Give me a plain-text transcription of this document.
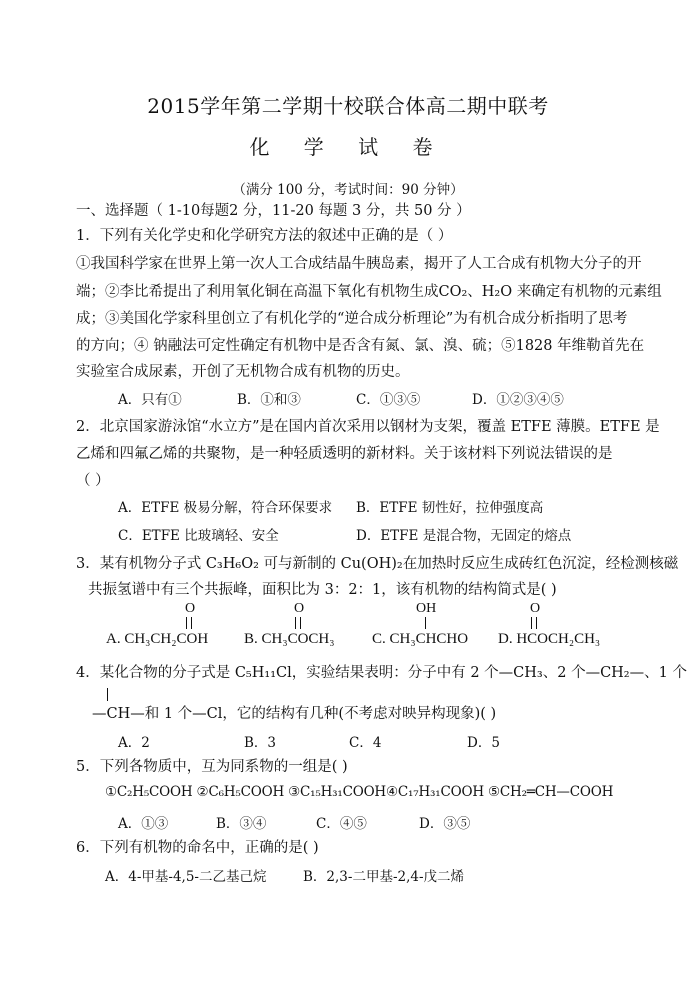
2015学年第二学期十校联合体高二期中联考
化 学 试 卷
（满分 100 分，考试时间：90 分钟）
一、选择题（ 1-10每题2 分，11-20 每题 3 分，共 50 分 ）
1．下列有关化学史和化学研究方法的叙述中正确的是（ ）
①我国科学家在世界上第一次人工合成结晶牛胰岛素，揭开了人工合成有机物大分子的开
端；②李比希提出了利用氧化铜在高温下氧化有机物生成CO₂、H₂O 来确定有机物的元素组
成；③美国化学家科里创立了有机化学的“逆合成分析理论”为有机合成分析指明了思考
的方向；④ 钠融法可定性确定有机物中是否含有氮、氯、溴、硫；⑤1828 年维勒首先在
实验室合成尿素，开创了无机物合成有机物的历史。
A．只有①	B．①和③	C．①③⑤	D．①②③④⑤
2．北京国家游泳馆“水立方”是在国内首次采用以钢材为支架，覆盖 ETFE 薄膜。ETFE 是
乙烯和四氟乙烯的共聚物，是一种轻质透明的新材料。关于该材料下列说法错误的是
（ ）
A．ETFE 极易分解，符合环保要求 B．ETFE 韧性好，拉伸强度高
C．ETFE 比玻璃轻、安全	D．ETFE 是混合物，无固定的熔点
3．某有机物分子式 C₃H₆O₂ 可与新制的 Cu(OH)₂在加热时反应生成砖红色沉淀，经检测核磁
共振氢谱中有三个共振峰，面积比为 3：2：1，该有机物的结构简式是( )
O
A. CH₃CH₂COH
O
B. CH₃COCH₃
OH
C. CH₃CHCHO
O
D. HCOCH₂CH₃
4．某化合物的分子式是 C₅H₁₁Cl，实验结果表明：分子中有 2 个—CH₃、2 个—CH₂—、1 个
—CH—和 1 个—Cl，它的结构有几种(不考虑对映异构现象)( )
A．2	B．3	C．4	D．5
5．下列各物质中，互为同系物的一组是( )
①C₂H₅COOH ②C₆H₅COOH ③C₁₅H₃₁COOH④C₁₇H₃₁COOH ⑤CH₂═CH—COOH
A．①③	B．③④	C．④⑤	D．③⑤
6．下列有机物的命名中，正确的是( )
A．4-甲基-4,5-二乙基己烷	B．2,3-二甲基-2,4-戊二烯
